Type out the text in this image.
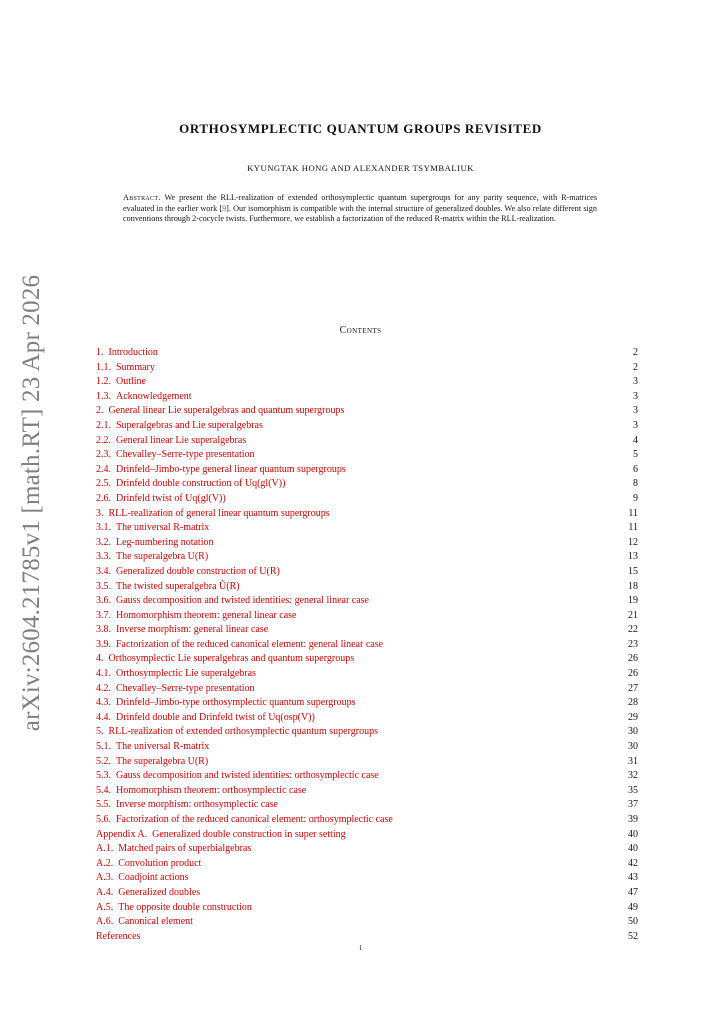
arXiv:2604.21785v1 [math.RT] 23 Apr 2026
ORTHOSYMPLECTIC QUANTUM GROUPS REVISITED
KYUNGTAK HONG AND ALEXANDER TSYMBALIUK
Abstract. We present the RLL-realization of extended orthosymplectic quantum supergroups for any parity sequence, with R-matrices evaluated in the earlier work [9]. Our isomorphism is compatible with the internal structure of generalized doubles. We also relate different sign conventions through 2-cocycle twists. Furthermore, we establish a factorization of the reduced R-matrix within the RLL-realization.
Contents
1. Introduction	2
1.1. Summary	2
1.2. Outline	3
1.3. Acknowledgement	3
2. General linear Lie superalgebras and quantum supergroups	3
2.1. Superalgebras and Lie superalgebras	3
2.2. General linear Lie superalgebras	4
2.3. Chevalley–Serre-type presentation	5
2.4. Drinfeld–Jimbo-type general linear quantum supergroups	6
2.5. Drinfeld double construction of Uq(gl(V))	8
2.6. Drinfeld twist of Uq(gl(V))	9
3. RLL-realization of general linear quantum supergroups	11
3.1. The universal R-matrix	11
3.2. Leg-numbering notation	12
3.3. The superalgebra U(R)	13
3.4. Generalized double construction of U(R)	15
3.5. The twisted superalgebra Ũ(R)	18
3.6. Gauss decomposition and twisted identities: general linear case	19
3.7. Homomorphism theorem: general linear case	21
3.8. Inverse morphism: general linear case	22
3.9. Factorization of the reduced canonical element: general linear case	23
4. Orthosymplectic Lie superalgebras and quantum supergroups	26
4.1. Orthosymplectic Lie superalgebras	26
4.2. Chevalley–Serre-type presentation	27
4.3. Drinfeld–Jimbo-type orthosymplectic quantum supergroups	28
4.4. Drinfeld double and Drinfeld twist of Uq(osp(V))	29
5. RLL-realization of extended orthosymplectic quantum supergroups	30
5.1. The universal R-matrix	30
5.2. The superalgebra U(R)	31
5.3. Gauss decomposition and twisted identities: orthosymplectic case	32
5.4. Homomorphism theorem: orthosymplectic case	35
5.5. Inverse morphism: orthosymplectic case	37
5.6. Factorization of the reduced canonical element: orthosymplectic case	39
Appendix A. Generalized double construction in super setting	40
A.1. Matched pairs of superbialgebras	40
A.2. Convolution product	42
A.3. Coadjoint actions	43
A.4. Generalized doubles	47
A.5. The opposite double construction	49
A.6. Canonical element	50
References	52
1
